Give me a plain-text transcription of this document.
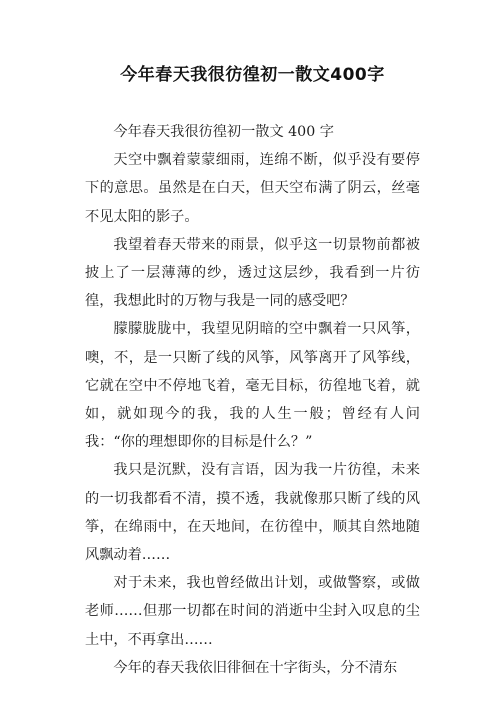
今年春天我很彷徨初一散文400字

今年春天我很彷徨初一散文 400 字

天空中飘着蒙蒙细雨，连绵不断，似乎没有要停下的意思。虽然是在白天，但天空布满了阴云，丝毫不见太阳的影子。

我望着春天带来的雨景，似乎这一切景物前都被披上了一层薄薄的纱，透过这层纱，我看到一片彷徨，我想此时的万物与我是一同的感受吧？

朦朦胧胧中，我望见阴暗的空中飘着一只风筝，噢，不，是一只断了线的风筝，风筝离开了风筝线，它就在空中不停地飞着，毫无目标，彷徨地飞着，就如，就如现今的我，我的人生一般；曾经有人问我：“你的理想即你的目标是什么？”

我只是沉默，没有言语，因为我一片彷徨，未来的一切我都看不清，摸不透，我就像那只断了线的风筝，在绵雨中，在天地间，在彷徨中，顺其自然地随风飘动着……

对于未来，我也曾经做出计划，或做警察，或做老师……但那一切都在时间的消逝中尘封入叹息的尘土中，不再拿出……

今年的春天我依旧徘徊在十字街头，分不清东
